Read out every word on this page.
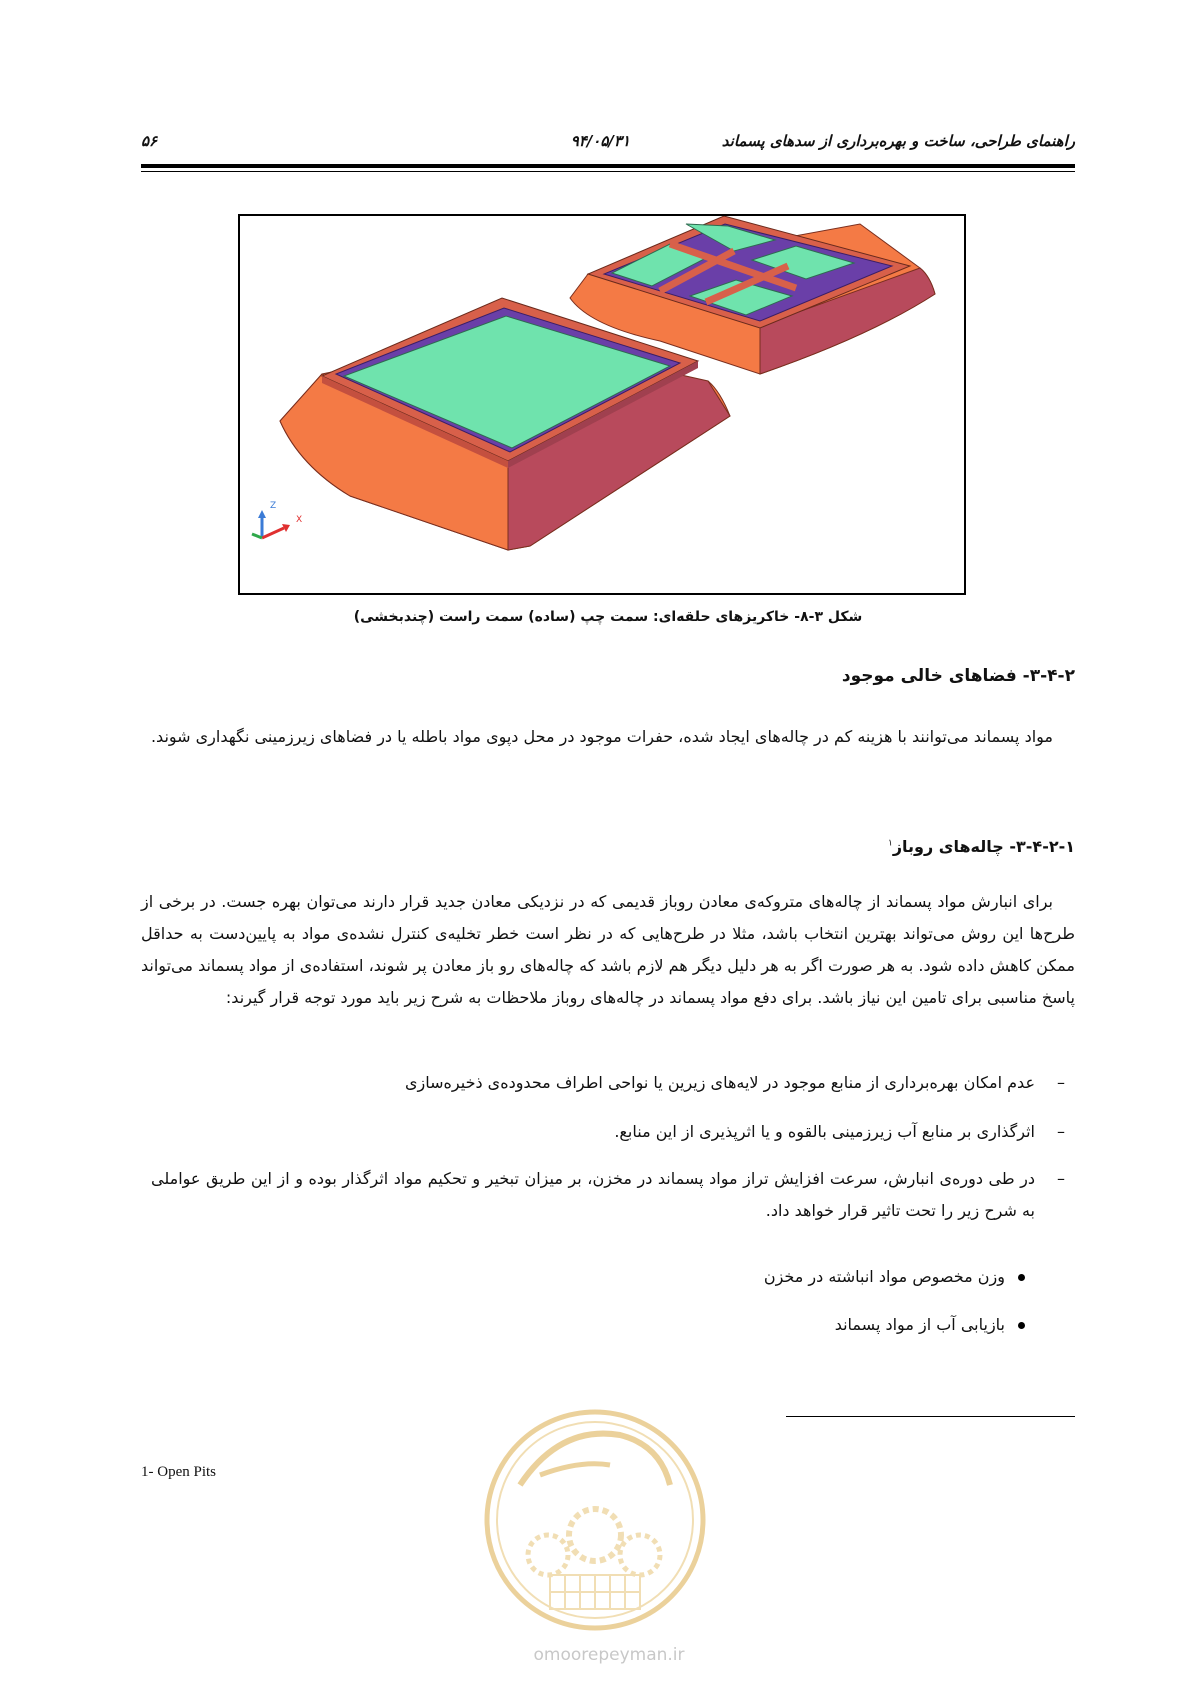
راهنمای طراحی، ساخت و بهره‌برداری از سدهای پسماند
۹۴/۰۵/۳۱
۵۶
Z
X
شکل ۳-۸- خاکریزهای حلقه‌ای: سمت چپ (ساده) سمت راست (چندبخشی)
۳-۴-۲- فضاهای خالی موجود
مواد پسماند می‌توانند با هزینه کم در چاله‌های ایجاد شده، حفرات موجود در محل دپوی مواد باطله یا در فضاهای زیرزمینی نگهداری شوند.
۳-۴-۲-۱- چاله‌های روباز$^۱$
برای انبارش مواد پسماند از چاله‌های متروکه‌ی معادن روباز قدیمی که در نزدیکی معادن جدید قرار دارند می‌توان بهره جست. در برخی از طرح‌ها این روش می‌تواند بهترین انتخاب باشد، مثلا در طرح‌هایی که در نظر است خطر تخلیه‌ی کنترل نشده‌ی مواد به پایین‌دست به حداقل ممکن کاهش داده شود. به هر صورت اگر به هر دلیل دیگر هم لازم باشد که چاله‌های رو باز معادن پر شوند، استفاده‌ی از مواد پسماند می‌تواند پاسخ مناسبی برای تامین این نیاز باشد. برای دفع مواد پسماند در چاله‌های روباز ملاحظات به شرح زیر باید مورد توجه قرار گیرند:
–
عدم امکان بهره‌برداری از منابع موجود در لایه‌های زیرین یا نواحی اطراف محدوده‌ی ذخیره‌سازی
–
اثرگذاری بر منابع آب زیرزمینی بالقوه و یا اثرپذیری از این منابع.
–
در طی دوره‌ی انبارش، سرعت افزایش تراز مواد پسماند در مخزن، بر میزان تبخیر و تحکیم مواد اثرگذار بوده و از این طریق عواملی به شرح زیر را تحت تاثیر قرار خواهد داد.
وزن مخصوص مواد انباشته در مخزن
بازیابی آب از مواد پسماند
1- Open Pits
omoorepeyman.ir
